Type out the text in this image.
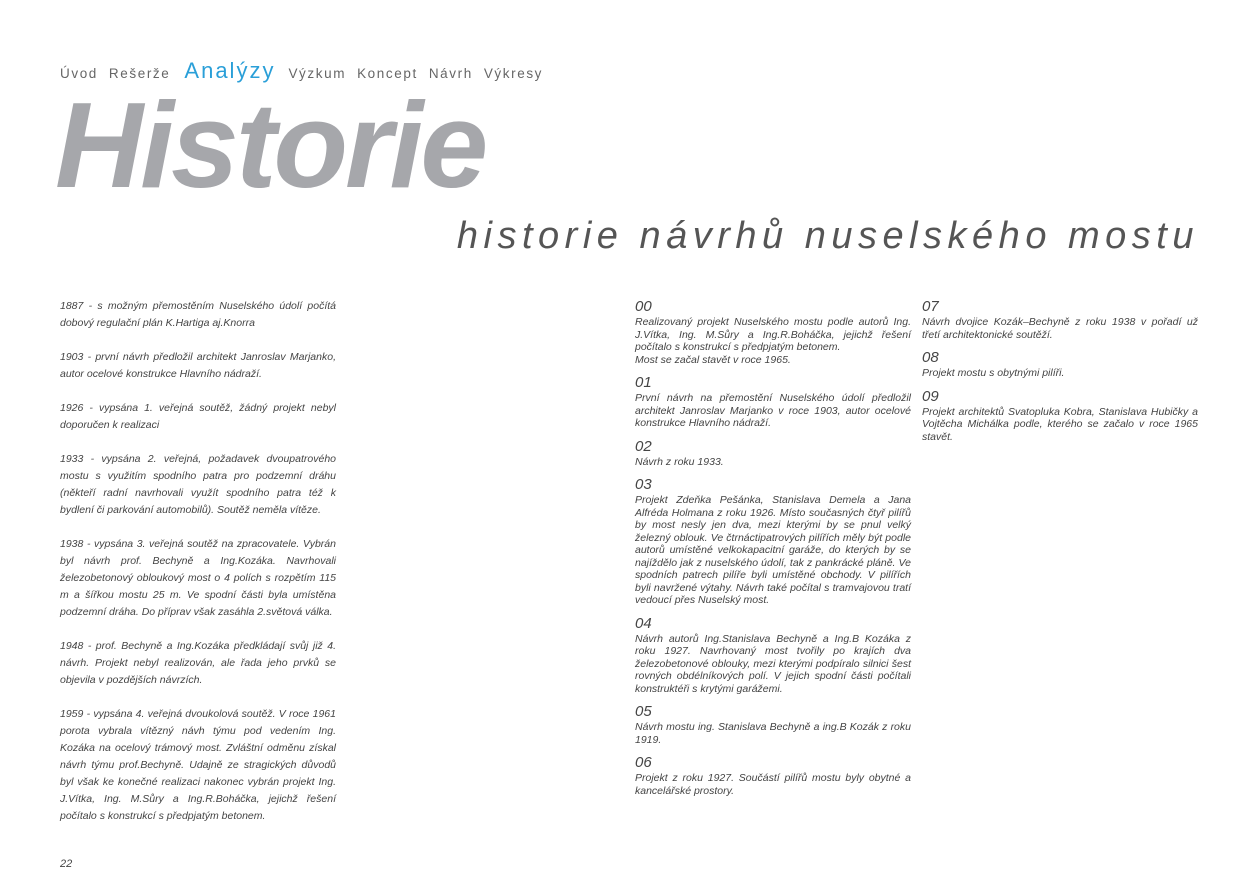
Úvod Rešerže Analýzy Výzkum Koncept Návrh Výkresy
Historie
historie návrhů nuselského mostu

1887 - s možným přemostěním Nuselského údolí počítá dobový regulační plán K.Hartiga aj.Knorra

1903 - první návrh předložil architekt Janroslav Marjanko, autor ocelové konstrukce Hlavního nádraží.

1926 - vypsána 1. veřejná soutěž, žádný projekt nebyl doporučen k realizaci

1933 - vypsána 2. veřejná, požadavek dvoupatrového mostu s využitím spodního patra pro podzemní dráhu (někteří radní navrhovali využít spodního patra též k bydlení či parkování automobilů). Soutěž neměla vítěze.

1938 - vypsána 3. veřejná soutěž na zpracovatele. Vybrán byl návrh prof. Bechyně a Ing.Kozáka. Navrhovali železobetonový obloukový most o 4 polích s rozpětím 115 m a šířkou mostu 25 m. Ve spodní části byla umístěna podzemní dráha. Do příprav však zasáhla 2.světová válka.

1948 - prof. Bechyně a Ing.Kozáka předkládají svůj již 4. návrh. Projekt nebyl realizován, ale řada jeho prvků se objevila v pozdějších návrzích.

1959 - vypsána 4. veřejná dvoukolová soutěž. V roce 1961 porota vybrala vítězný návh týmu pod vedením Ing. Kozáka na ocelový trámový most. Zvláštní odměnu získal návrh týmu prof.Bechyně. Udajně ze stragických důvodů byl však ke konečné realizaci nakonec vybrán projekt Ing. J.Vítka, Ing. M.Sůry a Ing.R.Boháčka, jejichž řešení počítalo s konstrukcí s předpjatým betonem.

00
Realizovaný projekt Nuselského mostu podle autorů Ing. J.Vítka, Ing. M.Sůry a Ing.R.Boháčka, jejichž řešení počítalo s konstrukcí s předpjatým betonem.
Most se začal stavět v roce 1965.
01
První návrh na přemostění Nuselského údolí předložil architekt Janroslav Marjanko v roce 1903, autor ocelové konstrukce Hlavního nádraží.
02
Návrh z roku 1933.
03
Projekt Zdeňka Pešánka, Stanislava Demela a Jana Alfréda Holmana z roku 1926. Místo současných čtyř pilířů by most nesly jen dva, mezi kterými by se pnul velký železný oblouk. Ve čtrnáctipatrových pilířích měly být podle autorů umístěné velkokapacitní garáže, do kterých by se najíždělo jak z nuselského údolí, tak z pankrácké pláně. Ve spodních patrech pilíře byli umístěné obchody. V pilířích byli navržené výtahy. Návrh také počítal s tramvajovou tratí vedoucí přes Nuselský most.
04
Návrh autorů Ing.Stanislava Bechyně a Ing.B Kozáka z roku 1927. Navrhovaný most tvořily po krajích dva železobetonové oblouky, mezi kterými podpíralo silnici šest rovných obdélníkových polí. V jejich spodní části počítali konstruktéři s krytými garážemi.
05
Návrh mostu ing. Stanislava Bechyně a ing.B Kozák z roku 1919.
06
Projekt z roku 1927. Součástí pilířů mostu byly obytné a kancelářské prostory.
07
Návrh dvojice Kozák–Bechyně z roku 1938 v pořadí už třetí architektonické soutěží.
08
Projekt mostu s obytnými pilíři.
09
Projekt architektů Svatopluka Kobra, Stanislava Hubičky a Vojtěcha Michálka podle, kterého se začalo v roce 1965 stavět.
22
